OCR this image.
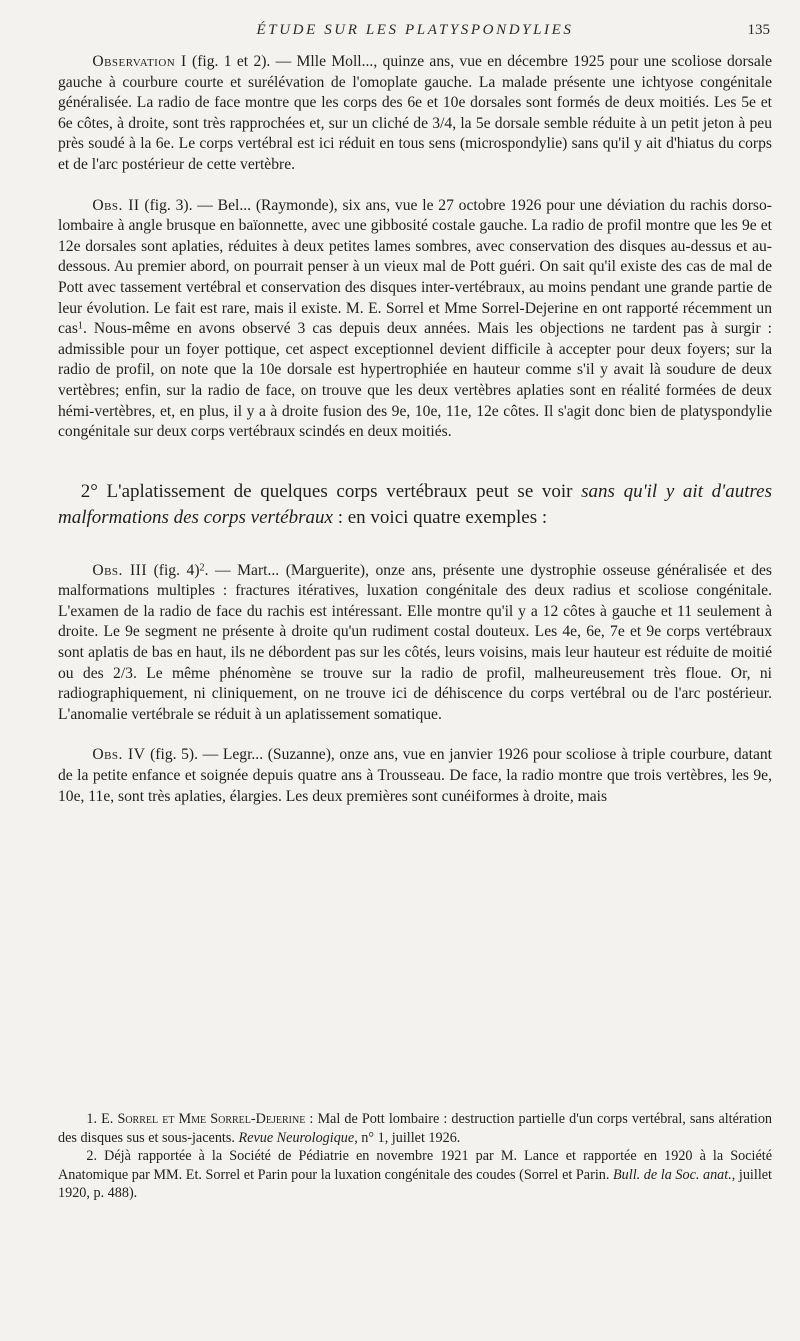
ÉTUDE SUR LES PLATYSPONDYLIES	135

Observation I (fig. 1 et 2). — Mlle Moll..., quinze ans, vue en décembre 1925 pour une scoliose dorsale gauche à courbure courte et surélévation de l'omoplate gauche. La malade présente une ichtyose congénitale généralisée. La radio de face montre que les corps des 6e et 10e dorsales sont formés de deux moitiés. Les 5e et 6e côtes, à droite, sont très rapprochées et, sur un cliché de 3/4, la 5e dorsale semble réduite à un petit jeton à peu près soudé à la 6e. Le corps vertébral est ici réduit en tous sens (microspondylie) sans qu'il y ait d'hiatus du corps et de l'arc postérieur de cette vertèbre.

Obs. II (fig. 3). — Bel... (Raymonde), six ans, vue le 27 octobre 1926 pour une déviation du rachis dorso-lombaire à angle brusque en baïonnette, avec une gibbosité costale gauche. La radio de profil montre que les 9e et 12e dorsales sont aplaties, réduites à deux petites lames sombres, avec conservation des disques au-dessus et au-dessous. Au premier abord, on pourrait penser à un vieux mal de Pott guéri. On sait qu'il existe des cas de mal de Pott avec tassement vertébral et conservation des disques inter-vertébraux, au moins pendant une grande partie de leur évolution. Le fait est rare, mais il existe. M. E. Sorrel et Mme Sorrel-Dejerine en ont rapporté récemment un cas$^1$. Nous-même en avons observé 3 cas depuis deux années. Mais les objections ne tardent pas à surgir : admissible pour un foyer pottique, cet aspect exceptionnel devient difficile à accepter pour deux foyers; sur la radio de profil, on note que la 10e dorsale est hypertrophiée en hauteur comme s'il y avait là soudure de deux vertèbres; enfin, sur la radio de face, on trouve que les deux vertèbres aplaties sont en réalité formées de deux hémi-vertèbres, et, en plus, il y a à droite fusion des 9e, 10e, 11e, 12e côtes. Il s'agit donc bien de platyspondylie congénitale sur deux corps vertébraux scindés en deux moitiés.

2° L'aplatissement de quelques corps vertébraux peut se voir sans qu'il y ait d'autres malformations des corps vertébraux : en voici quatre exemples :

Obs. III (fig. 4)$^2$. — Mart... (Marguerite), onze ans, présente une dystrophie osseuse généralisée et des malformations multiples : fractures itératives, luxation congénitale des deux radius et scoliose congénitale. L'examen de la radio de face du rachis est intéressant. Elle montre qu'il y a 12 côtes à gauche et 11 seulement à droite. Le 9e segment ne présente à droite qu'un rudiment costal douteux. Les 4e, 6e, 7e et 9e corps vertébraux sont aplatis de bas en haut, ils ne débordent pas sur les côtés, leurs voisins, mais leur hauteur est réduite de moitié ou des 2/3. Le même phénomène se trouve sur la radio de profil, malheureusement très floue. Or, ni radiographiquement, ni cliniquement, on ne trouve ici de déhiscence du corps vertébral ou de l'arc postérieur. L'anomalie vertébrale se réduit à un aplatissement somatique.

Obs. IV (fig. 5). — Legr... (Suzanne), onze ans, vue en janvier 1926 pour scoliose à triple courbure, datant de la petite enfance et soignée depuis quatre ans à Trousseau. De face, la radio montre que trois vertèbres, les 9e, 10e, 11e, sont très aplaties, élargies. Les deux premières sont cunéiformes à droite, mais

1. E. Sorrel et Mme Sorrel-Dejerine : Mal de Pott lombaire : destruction partielle d'un corps vertébral, sans altération des disques sus et sous-jacents. Revue Neurologique, n° 1, juillet 1926.

2. Déjà rapportée à la Société de Pédiatrie en novembre 1921 par M. Lance et rapportée en 1920 à la Société Anatomique par MM. Et. Sorrel et Parin pour la luxation congénitale des coudes (Sorrel et Parin. Bull. de la Soc. anat., juillet 1920, p. 488).
